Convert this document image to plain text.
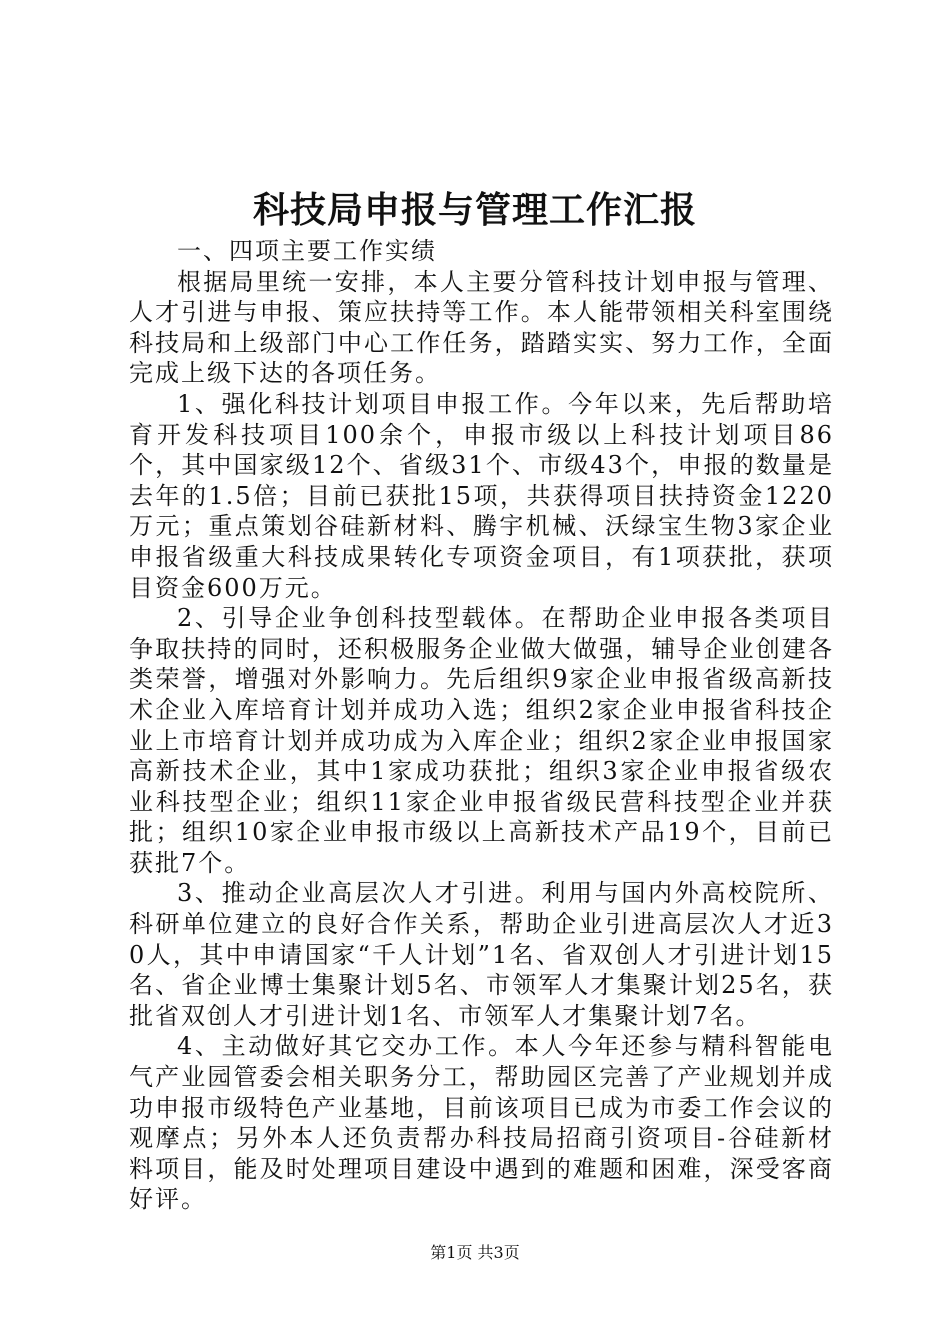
科技局申报与管理工作汇报

一、四项主要工作实绩

根据局里统一安排，本人主要分管科技计划申报与管理、人才引进与申报、策应扶持等工作。本人能带领相关科室围绕科技局和上级部门中心工作任务，踏踏实实、努力工作，全面完成上级下达的各项任务。

1、强化科技计划项目申报工作。今年以来，先后帮助培育开发科技项目100余个，申报市级以上科技计划项目86个，其中国家级12个、省级31个、市级43个，申报的数量是去年的1.5倍；目前已获批15项，共获得项目扶持资金1220万元；重点策划谷硅新材料、腾宇机械、沃绿宝生物3家企业申报省级重大科技成果转化专项资金项目，有1项获批，获项目资金600万元。

2、引导企业争创科技型载体。在帮助企业申报各类项目争取扶持的同时，还积极服务企业做大做强，辅导企业创建各类荣誉，增强对外影响力。先后组织9家企业申报省级高新技术企业入库培育计划并成功入选；组织2家企业申报省科技企业上市培育计划并成功成为入库企业；组织2家企业申报国家高新技术企业，其中1家成功获批；组织3家企业申报省级农业科技型企业；组织11家企业申报省级民营科技型企业并获批；组织10家企业申报市级以上高新技术产品19个，目前已获批7个。

3、推动企业高层次人才引进。利用与国内外高校院所、科研单位建立的良好合作关系，帮助企业引进高层次人才近30人，其中申请国家“千人计划”1名、省双创人才引进计划15名、省企业博士集聚计划5名、市领军人才集聚计划25名，获批省双创人才引进计划1名、市领军人才集聚计划7名。

4、主动做好其它交办工作。本人今年还参与精科智能电气产业园管委会相关职务分工，帮助园区完善了产业规划并成功申报市级特色产业基地，目前该项目已成为市委工作会议的观摩点；另外本人还负责帮办科技局招商引资项目-谷硅新材料项目，能及时处理项目建设中遇到的难题和困难，深受客商好评。

第1页 共3页
